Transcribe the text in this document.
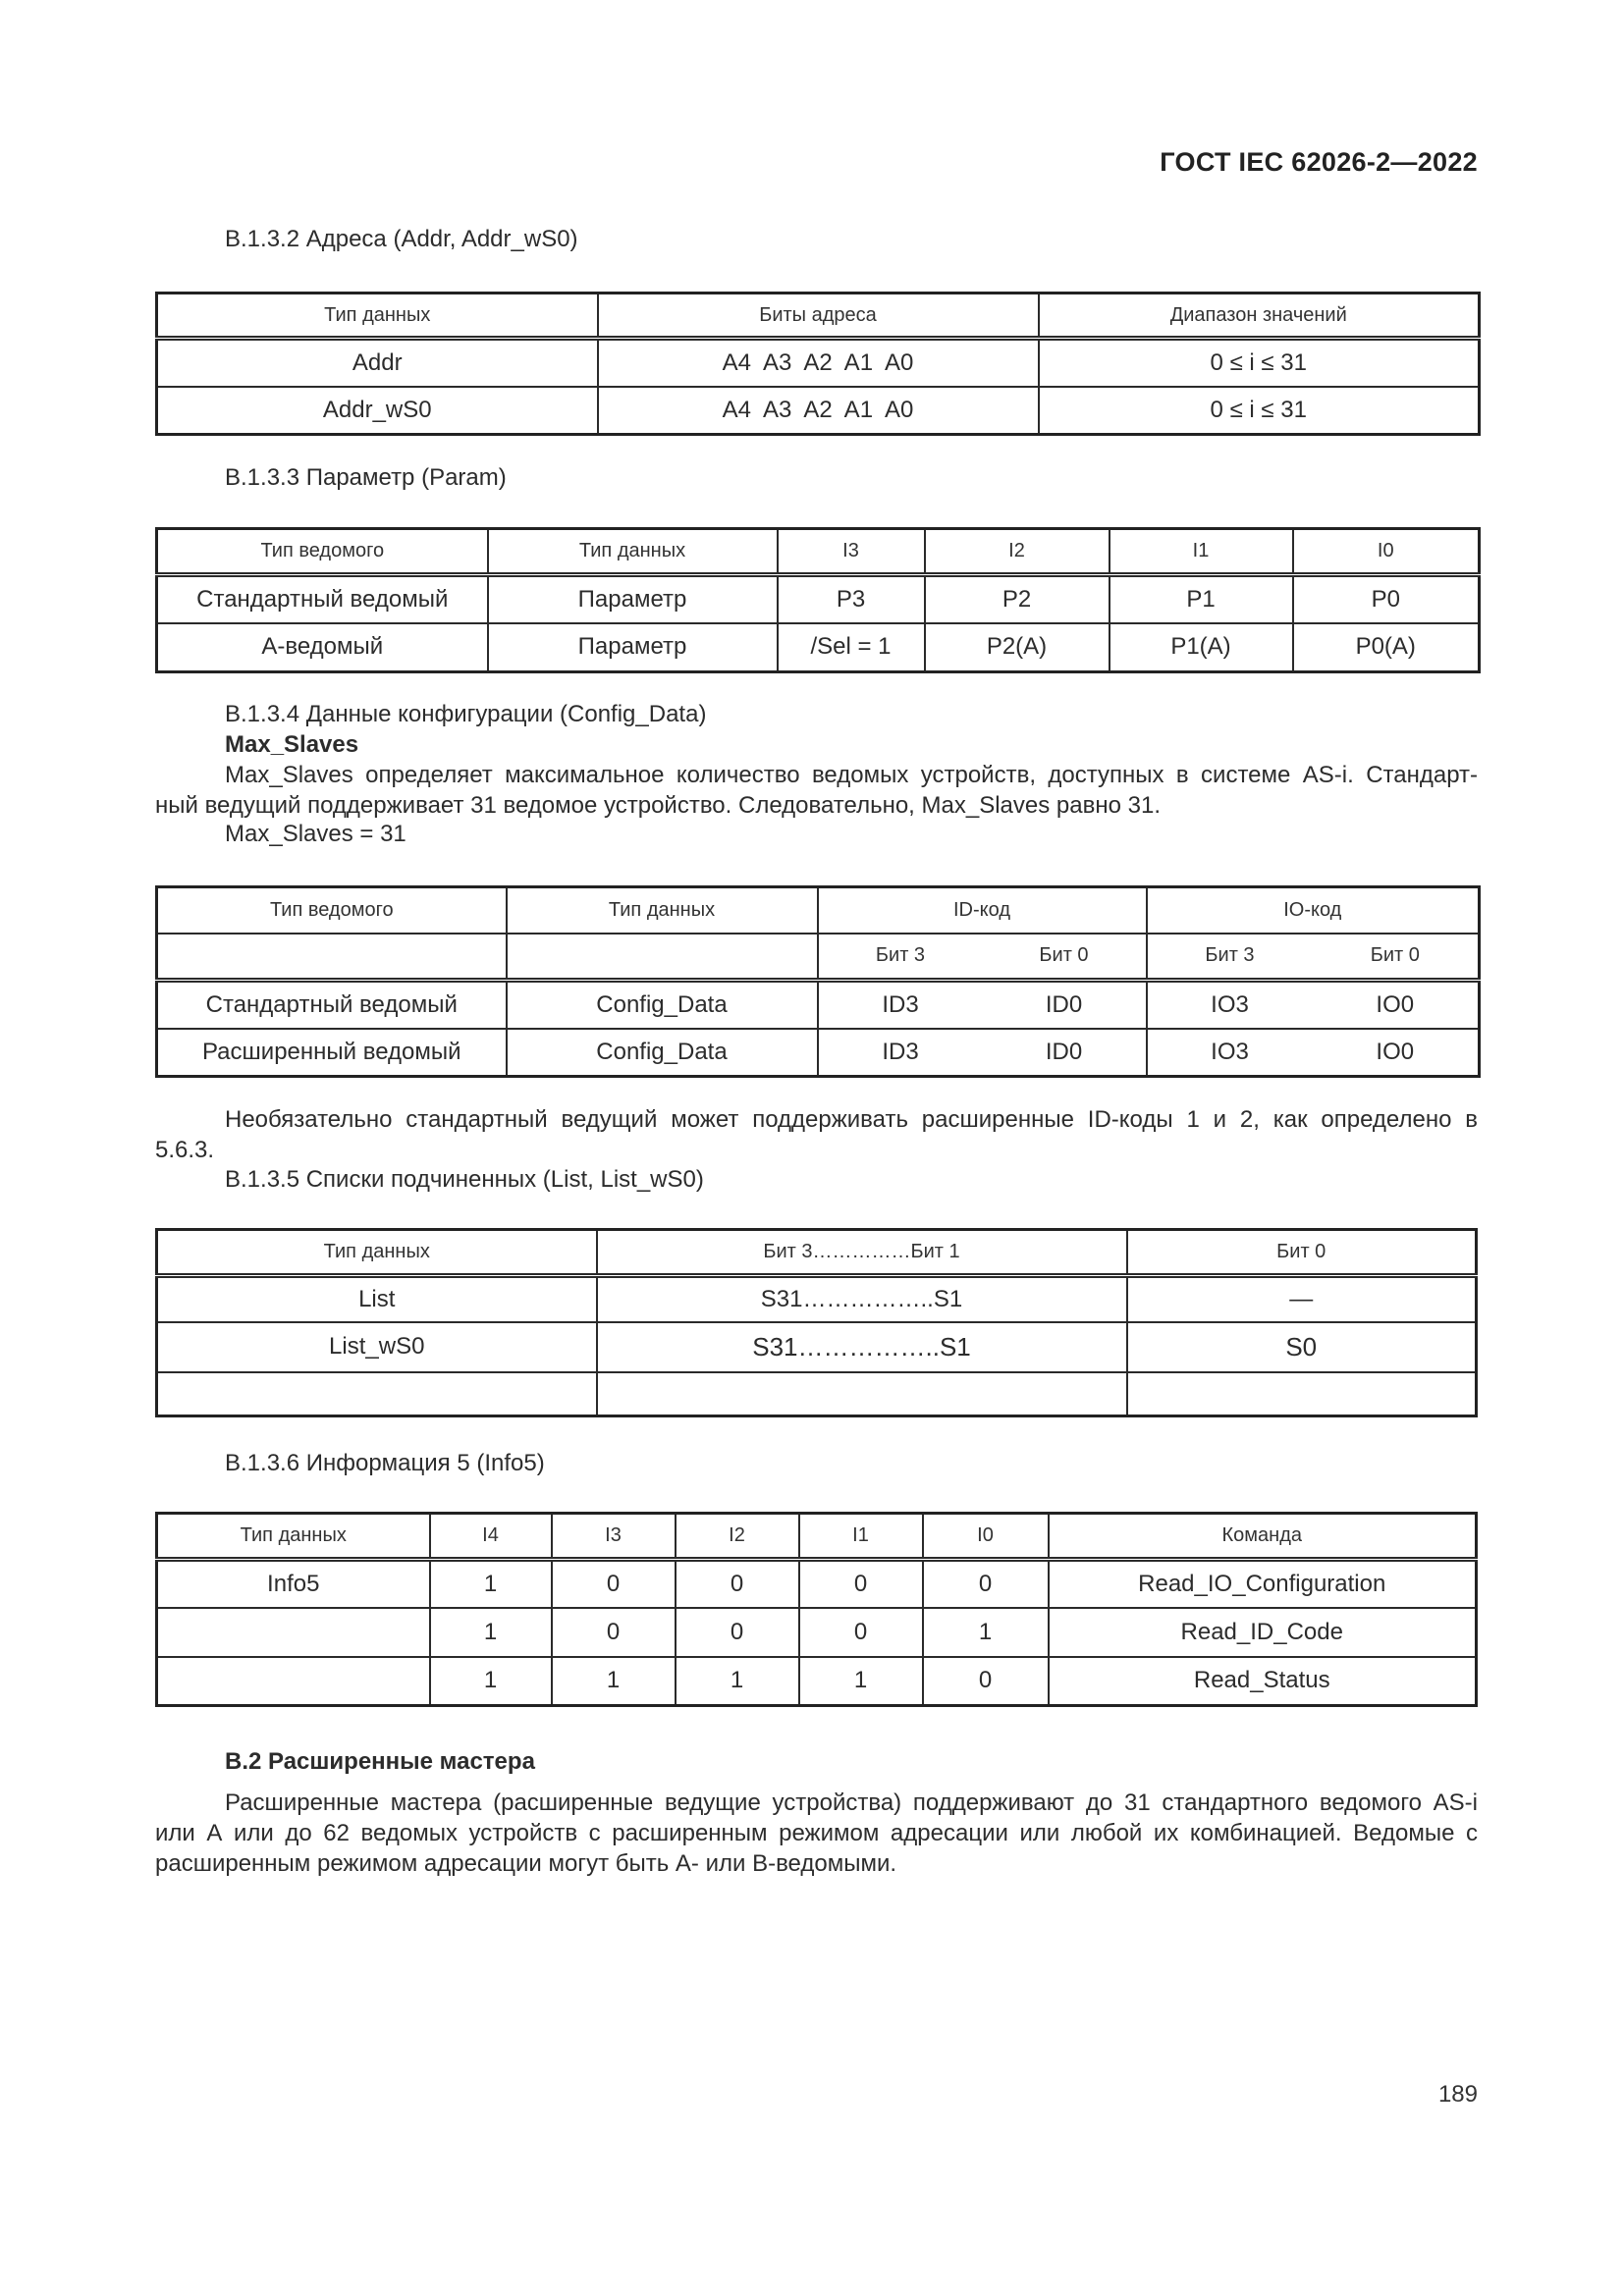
ГОСТ IEC 62026-2—2022
B.1.3.2 Адреса (Addr, Addr_wS0)
Тип данных	Биты адреса	Диапазон значений
Addr	A4  A3  A2  A1  A0	0 ≤ i ≤ 31
Addr_wS0	A4  A3  A2  A1  A0	0 ≤ i ≤ 31
B.1.3.3 Параметр (Param)
Тип ведомого	Тип данных	I3	I2	I1	I0
Стандартный ведомый	Параметр	P3	P2	P1	P0
А-ведомый	Параметр	/Sel = 1	P2(A)	P1(A)	P0(A)
B.1.3.4 Данные конфигурации (Config_Data)
Max_Slaves
Max_Slaves определяет максимальное количество ведомых устройств, доступных в системе AS-i. Стандарт-
ный ведущий поддерживает 31 ведомое устройство. Следовательно, Max_Slaves равно 31.
Max_Slaves = 31
Тип ведомого	Тип данных	ID-код		IO-код	
		Бит 3	Бит 0	Бит 3	Бит 0
Стандартный ведомый	Config_Data	ID3	ID0	IO3	IO0
Расширенный ведомый	Config_Data	ID3	ID0	IO3	IO0
Необязательно стандартный ведущий может поддерживать расширенные ID-коды 1 и 2, как определено в
5.6.3.
B.1.3.5 Списки подчиненных (List, List_wS0)
Тип данных	Бит 3……………Бит 1	Бит 0
List	S31……………..S1	—
List_wS0	S31……………..S1	S0

B.1.3.6 Информация 5 (Info5)
Тип данных	I4	I3	I2	I1	I0	Команда
Info5	1	0	0	0	0	Read_IO_Configuration
	1	0	0	0	1	Read_ID_Code
	1	1	1	1	0	Read_Status
B.2 Расширенные мастера
Расширенные мастера (расширенные ведущие устройства) поддерживают до 31 стандартного ведомого AS-i
или А или до 62 ведомых устройств с расширенным режимом адресации или любой их комбинацией. Ведомые с
расширенным режимом адресации могут быть А- или В-ведомыми.
189
